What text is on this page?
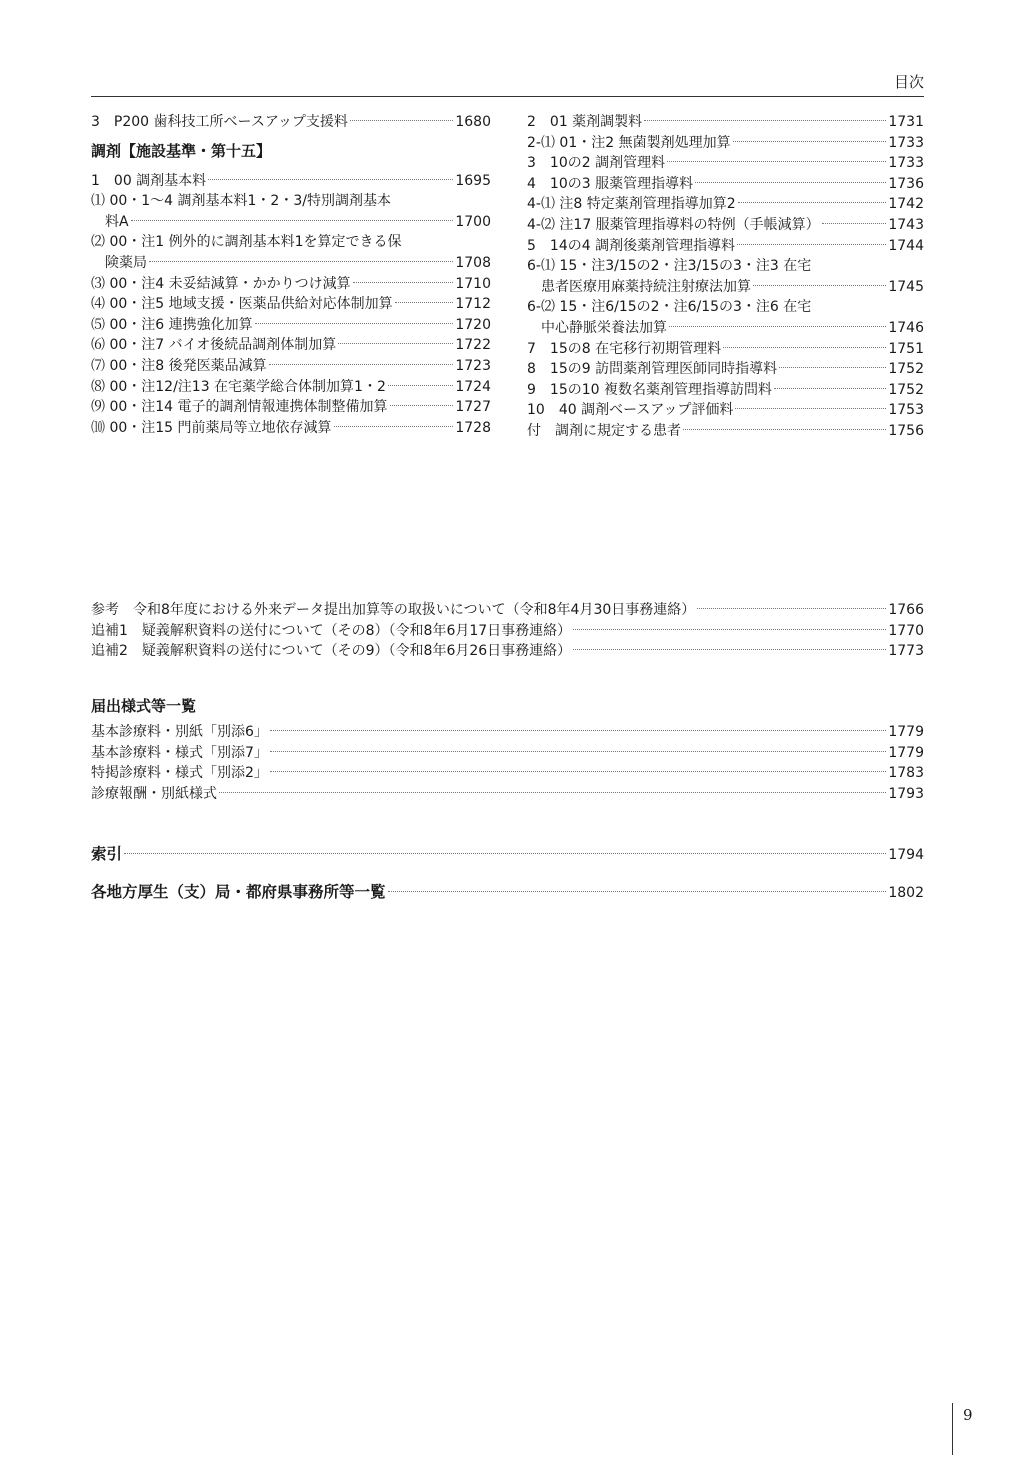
目次
3　P200 歯科技工所ベースアップ支援料	1680
調剤【施設基準・第十五】
1　00 調剤基本料	1695
⑴ 00・1～4 調剤基本料1・2・3/特別調剤基本
料A	1700
⑵ 00・注1 例外的に調剤基本料1を算定できる保
険薬局	1708
⑶ 00・注4 未妥結減算・かかりつけ減算	1710
⑷ 00・注5 地域支援・医薬品供給対応体制加算	1712
⑸ 00・注6 連携強化加算	1720
⑹ 00・注7 バイオ後続品調剤体制加算	1722
⑺ 00・注8 後発医薬品減算	1723
⑻ 00・注12/注13 在宅薬学総合体制加算1・2	1724
⑼ 00・注14 電子的調剤情報連携体制整備加算	1727
⑽ 00・注15 門前薬局等立地依存減算	1728
2　01 薬剤調製料	1731
2-⑴ 01・注2 無菌製剤処理加算	1733
3　10の2 調剤管理料	1733
4　10の3 服薬管理指導料	1736
4-⑴ 注8 特定薬剤管理指導加算2	1742
4-⑵ 注17 服薬管理指導料の特例（手帳減算）	1743
5　14の4 調剤後薬剤管理指導料	1744
6-⑴ 15・注3/15の2・注3/15の3・注3 在宅
患者医療用麻薬持続注射療法加算	1745
6-⑵ 15・注6/15の2・注6/15の3・注6 在宅
中心静脈栄養法加算	1746
7　15の8 在宅移行初期管理料	1751
8　15の9 訪問薬剤管理医師同時指導料	1752
9　15の10 複数名薬剤管理指導訪問料	1752
10　40 調剤ベースアップ評価料	1753
付　調剤に規定する患者	1756
参考　令和8年度における外来データ提出加算等の取扱いについて（令和8年4月30日事務連絡）	1766
追補1　疑義解釈資料の送付について（その8）（令和8年6月17日事務連絡）	1770
追補2　疑義解釈資料の送付について（その9）（令和8年6月26日事務連絡）	1773
届出様式等一覧
基本診療料・別紙「別添6」	1779
基本診療料・様式「別添7」	1779
特掲診療料・様式「別添2」	1783
診療報酬・別紙様式	1793
索引	1794
各地方厚生（支）局・都府県事務所等一覧	1802
9
